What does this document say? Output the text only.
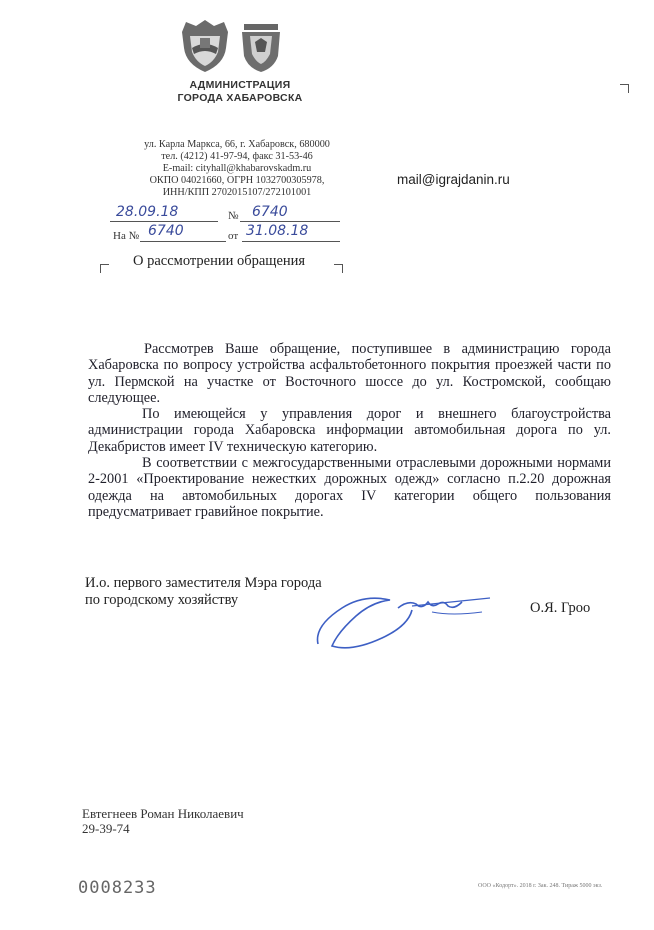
АДМИНИСТРАЦИЯ
ГОРОДА ХАБАРОВСКА
ул. Карла Маркса, 66, г. Хабаровск, 680000
тел. (4212) 41-97-94, факс 31-53-46
E-mail: cityhall@khabarovskadm.ru
ОКПО 04021660, ОГРН 1032700305978,
ИНН/КПП 2702015107/272101001
mail@igrajdanin.ru
28.09.18	№ 6740
На № 6740	от 31.08.18
О рассмотрении обращения

Рассмотрев Ваше обращение, поступившее в администрацию города Хабаровска по вопросу устройства асфальтобетонного покрытия проезжей части по ул. Пермской на участке от Восточного шоссе до ул. Костромской, сообщаю следующее.

По имеющейся у управления дорог и внешнего благоустройства администрации города Хабаровска информации автомобильная дорога по ул. Декабристов имеет IV техническую категорию.

В соответствии с межгосударственными отраслевыми дорожными нормами 2-2001 «Проектирование нежестких дорожных одежд» согласно п.2.20 дорожная одежда на автомобильных дорогах IV категории общего пользования предусматривает гравийное покрытие.

И.о. первого заместителя Мэра города
по городскому хозяйству	О.Я. Гроо
Евтегнеев Роман Николаевич
29-39-74
0008233	ООО «Кодорт». 2018 г. Зак. 248. Тираж 5000 экз.
